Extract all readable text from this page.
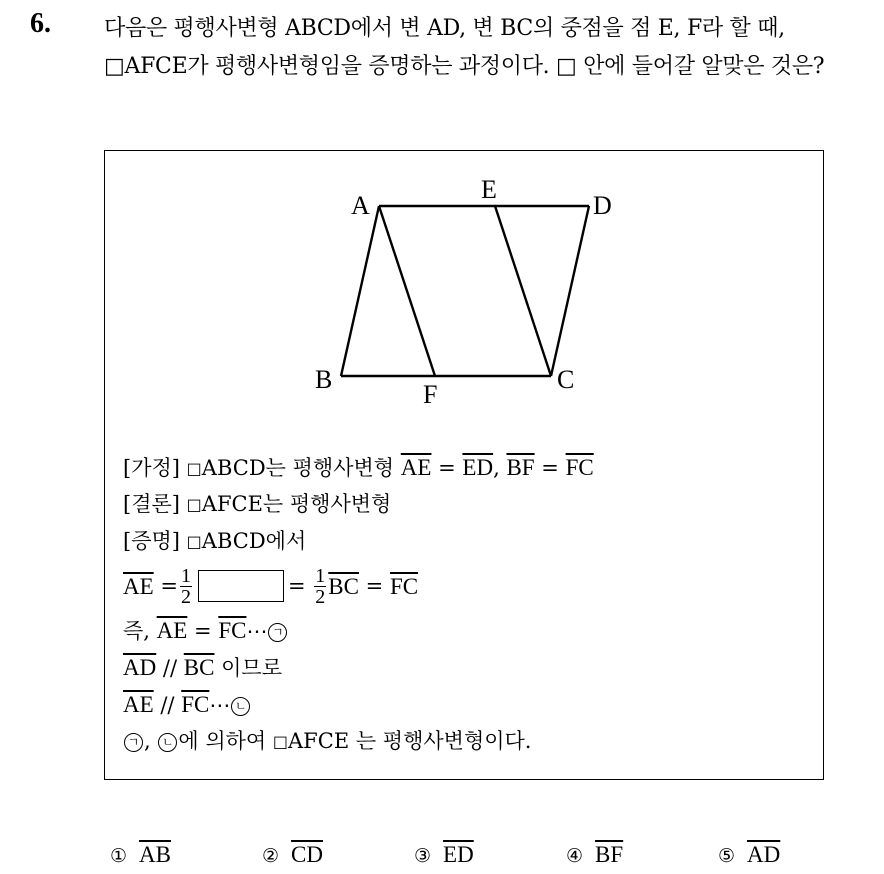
6. 다음은 평행사변형 ABCD에서 변 AD, 변 BC의 중점을 점 E, F라 할 때, □AFCE가 평행사변형임을 증명하는 과정이다. □ 안에 들어갈 알맞은 것은?
A
E
D
B
F
C
[가정] □ABCD는 평행사변형 $\overline{AE} = \overline{ED}$, $\overline{BF} = \overline{FC}$
[결론] □AFCE는 평행사변형
[증명] □ABCD에서
$\overline{AE}$
= $\frac{1}{2}$	=
$\frac{1}{2} \overline{BC}$
=
$\overline{FC}$
즉, $\overline{AE}$ = $\overline{FC}\cdots$ ㄱ
$\overline{AD} // \overline{BC}$ 이므로
$\overline{AE}$ // $\overline{FC}\cdots$ ㄴ
ㄱ , ㄴ 에 의하여 □AFCE 는 평행사변형이다.
① $\overline{AB}$	② $\overline{CD}$	③ $\overline{ED}$	④ $\overline{BF}$	⑤ $\overline{AD}$
